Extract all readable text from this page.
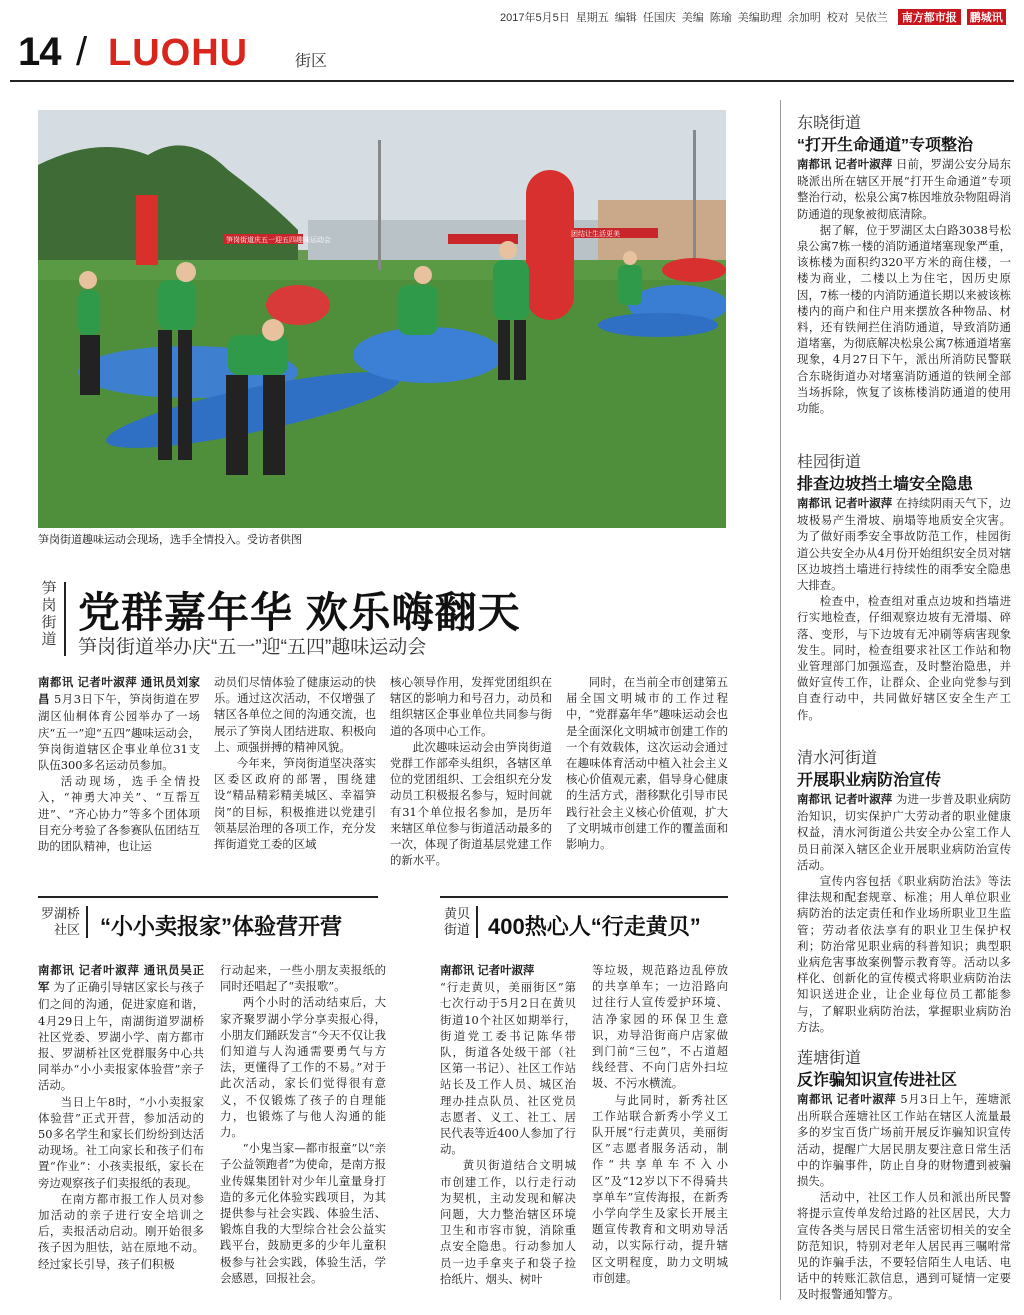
2017年5月5日 星期五 编辑 任国庆 美编 陈瑜 美编助理 余加明 校对 吴依兰	南方都市报	鹏城讯
14 / LUOHU	街区
笋岗街道庆五一迎五四趣味运动会
团结让生活更美
笋岗街道趣味运动会现场，选手全情投入。受访者供图
笋岗街道
党群嘉年华 欢乐嗨翻天
笋岗街道举办庆“五一”迎“五四”趣味运动会

南都讯 记者叶淑萍 通讯员刘家昌 5月3日下午，笋岗街道在罗湖区仙桐体育公园举办了一场庆“五一”迎“五四”趣味运动会，笋岗街道辖区企事业单位31支队伍300多名运动员参加。

活动现场，选手全情投入，“神勇大冲关”、“互帮互进”、“齐心协力”等多个团体项目充分考验了各参赛队伍团结互助的团队精神，也让运

动员们尽情体验了健康运动的快乐。通过这次活动，不仅增强了辖区各单位之间的沟通交流，也展示了笋岗人团结进取、积极向上、顽强拼搏的精神风貌。

今年来，笋岗街道坚决落实区委区政府的部署，围绕建设“精品精彩精美城区、幸福笋岗”的目标，积极推进以党建引领基层治理的各项工作，充分发挥街道党工委的区域

核心领导作用，发挥党团组织在辖区的影响力和号召力，动员和组织辖区企事业单位共同参与街道的各项中心工作。

此次趣味运动会由笋岗街道党群工作部牵头组织，各辖区单位的党团组织、工会组织充分发动员工积极报名参与，短时间就有31个单位报名参加，是历年来辖区单位参与街道活动最多的一次，体现了街道基层党建工作的新水平。

同时，在当前全市创建第五届全国文明城市的工作过程中，“党群嘉年华”趣味运动会也是全面深化文明城市创建工作的一个有效载体，这次运动会通过在趣味体育活动中植入社会主义核心价值观元素，倡导身心健康的生活方式，潜移默化引导市民践行社会主义核心价值观，扩大了文明城市创建工作的覆盖面和影响力。

罗湖桥社区 “小小卖报家”体验营开营

南都讯 记者叶淑萍 通讯员吴正军 为了正确引导辖区家长与孩子们之间的沟通，促进家庭和谐，4月29日上午，南湖街道罗湖桥社区党委、罗湖小学、南方都市报、罗湖桥社区党群服务中心共同举办“小小卖报家体验营”亲子活动。

当日上午8时，“小小卖报家体验营”正式开营，参加活动的50多名学生和家长们纷纷到达活动现场。社工向家长和孩子们布置“作业”：小孩卖报纸，家长在旁边观察孩子们卖报纸的表现。

在南方都市报工作人员对参加活动的亲子进行安全培训之后，卖报活动启动。刚开始很多孩子因为胆怯，站在原地不动。经过家长引导，孩子们积极

行动起来，一些小朋友卖报纸的同时还唱起了“卖报歌”。

两个小时的活动结束后，大家齐聚罗湖小学分享卖报心得，小朋友们踊跃发言“今天不仅让我们知道与人沟通需要勇气与方法，更懂得了工作的不易。”对于此次活动，家长们觉得很有意义，不仅锻炼了孩子的自理能力，也锻炼了与他人沟通的能力。

“小鬼当家—都市报童”以“亲子公益领跑者”为使命，是南方报业传媒集团针对少年儿童量身打造的多元化体验实践项目，为其提供参与社会实践、体验生活、锻炼自我的大型综合社会公益实践平台，鼓励更多的少年儿童积极参与社会实践，体验生活，学会感恩，回报社会。

黄贝街道 400热心人“行走黄贝”

南都讯 记者叶淑萍

“行走黄贝，美丽街区”第七次行动于5月2日在黄贝街道10个社区如期举行，街道党工委书记陈华带队，街道各处级干部（社区第一书记）、社区工作站站长及工作人员、城区治理办挂点队员、社区党员志愿者、义工、社工、居民代表等近400人参加了行动。

黄贝街道结合文明城市创建工作，以行走行动为契机，主动发现和解决问题，大力整治辖区环境卫生和市容市貌，消除重点安全隐患。行动参加人员一边手拿夹子和袋子捡拾纸片、烟头、树叶

等垃圾，规范路边乱停放的共享单车；一边沿路向过往行人宣传爱护环境、洁净家园的环保卫生意识，劝导沿街商户店家做到门前“三包”，不占道超线经营、不向门店外扫垃圾、不污水横流。

与此同时，新秀社区工作站联合新秀小学义工队开展“行走黄贝，美丽街区”志愿者服务活动，制作“共享单车不入小区”及“12岁以下不得骑共享单车”宣传海报，在新秀小学向学生及家长开展主题宣传教育和文明劝导活动，以实际行动，提升辖区文明程度，助力文明城市创建。

东晓街道
“打开生命通道”专项整治

南都讯 记者叶淑萍 日前，罗湖公安分局东晓派出所在辖区开展“打开生命通道”专项整治行动，松泉公寓7栋因堆放杂物阻碍消防通道的现象被彻底清除。

据了解，位于罗湖区太白路3038号松泉公寓7栋一楼的消防通道堵塞现象严重，该栋楼为面积约320平方米的商住楼，一楼为商业，二楼以上为住宅，因历史原因，7栋一楼的内消防通道长期以来被该栋楼内的商户和住户用来摆放各种物品、材料，还有铁闸拦住消防通道，导致消防通道堵塞，为彻底解决松泉公寓7栋通道堵塞现象，4月27日下午，派出所消防民警联合东晓街道办对堵塞消防通道的铁闸全部当场拆除，恢复了该栋楼消防通道的使用功能。

桂园街道
排查边坡挡土墙安全隐患

南都讯 记者叶淑萍 在持续阴雨天气下，边坡极易产生滑坡、崩塌等地质安全灾害。为了做好雨季安全事故防范工作，桂园街道公共安全办从4月份开始组织安全员对辖区边坡挡土墙进行持续性的雨季安全隐患大排查。

检查中，检查组对重点边坡和挡墙进行实地检查，仔细观察边坡有无滑塌、碎落、变形，与下边坡有无冲刷等病害现象发生。同时，检查组要求社区工作站和物业管理部门加强巡查，及时整治隐患，并做好宣传工作，让群众、企业向党参与到自查行动中，共同做好辖区安全生产工作。

清水河街道
开展职业病防治宣传

南都讯 记者叶淑萍 为进一步普及职业病防治知识，切实保护广大劳动者的职业健康权益，清水河街道公共安全办公室工作人员日前深入辖区企业开展职业病防治宣传活动。

宣传内容包括《职业病防治法》等法律法规和配套规章、标准；用人单位职业病防治的法定责任和作业场所职业卫生监管；劳动者依法享有的职业卫生保护权利；防治常见职业病的科普知识；典型职业病危害事故案例警示教育等。活动以多样化、创新化的宣传模式将职业病防治法知识送进企业，让企业每位员工都能参与，了解职业病防治法，掌握职业病防治方法。

莲塘街道
反诈骗知识宣传进社区

南都讯 记者叶淑萍 5月3日上午，莲塘派出所联合莲塘社区工作站在辖区人流量最多的岁宝百货广场前开展反诈骗知识宣传活动，提醒广大居民朋友要注意日常生活中的诈骗事件，防止自身的财物遭到被骗损失。

活动中，社区工作人员和派出所民警将提示宣传单发给过路的社区居民，大力宣传各类与居民日常生活密切相关的安全防范知识，特别对老年人居民再三嘱咐常见的诈骗手法，不要轻信陌生人电话、电话中的转账汇款信息，遇到可疑情一定要及时报警通知警方。
